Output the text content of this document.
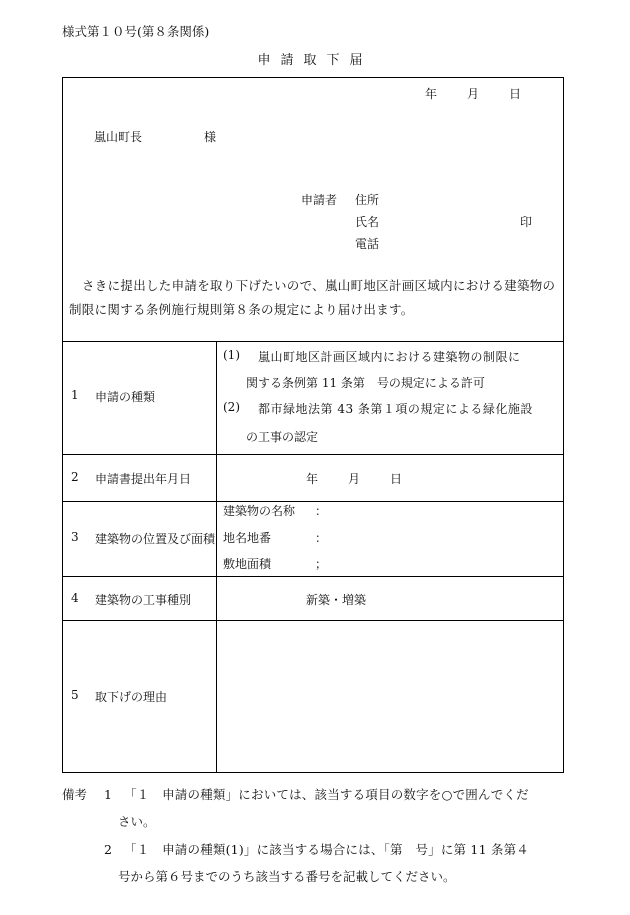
様式第１０号(第８条関係)
申請取下届
年 月 日
嵐山町長	様
申請者 住所
氏名	印
電話
さきに提出した申請を取り下げたいので、嵐山町地区計画区域内における建築物の制限に関する条例施行規則第８条の規定により届け出ます。
1 申請の種類
(1) 嵐山町地区計画区域内における建築物の制限に
関する条例第 11 条第　号の規定による許可
(2) 都市緑地法第 43 条第１項の規定による緑化施設
の工事の認定
2 申請書提出年月日	年 月 日
3 建築物の位置及び面積
建築物の名称 ：
地名地番	：
敷地面積	；
4 建築物の工事種別	新築・増築
5 取下げの理由
備考 1 「１　申請の種類」においては、該当する項目の数字を○で囲んでくだ
さい。
2 「１　申請の種類(1)」に該当する場合には、「第　号」に第 11 条第４
号から第６号までのうち該当する番号を記載してください。
